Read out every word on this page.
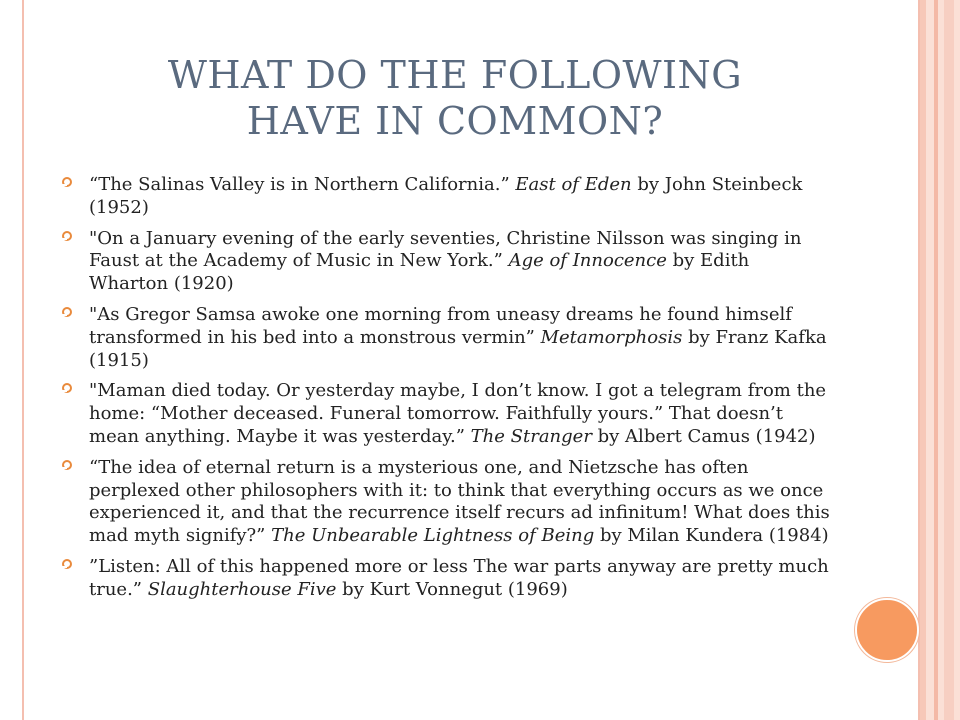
WHAT DO THE FOLLOWING
HAVE IN COMMON?
“The Salinas Valley is in Northern California.” East of Eden by John Steinbeck (1952)
"On a January evening of the early seventies, Christine Nilsson was singing in Faust at the Academy of Music in New York.” Age of Innocence by Edith Wharton (1920)
"As Gregor Samsa awoke one morning from uneasy dreams he found himself transformed in his bed into a monstrous vermin” Metamorphosis by Franz Kafka (1915)
"Maman died today. Or yesterday maybe, I don’t know. I got a telegram from the home: “Mother deceased. Funeral tomorrow. Faithfully yours.” That doesn’t mean anything. Maybe it was yesterday.” The Stranger by Albert Camus (1942)
“The idea of eternal return is a mysterious one, and Nietzsche has often perplexed other philosophers with it: to think that everything occurs as we once experienced it, and that the recurrence itself recurs ad infinitum! What does this mad myth signify?” The Unbearable Lightness of Being by Milan Kundera (1984)
”Listen: All of this happened more or less The war parts anyway are pretty much true.” Slaughterhouse Five by Kurt Vonnegut (1969)
